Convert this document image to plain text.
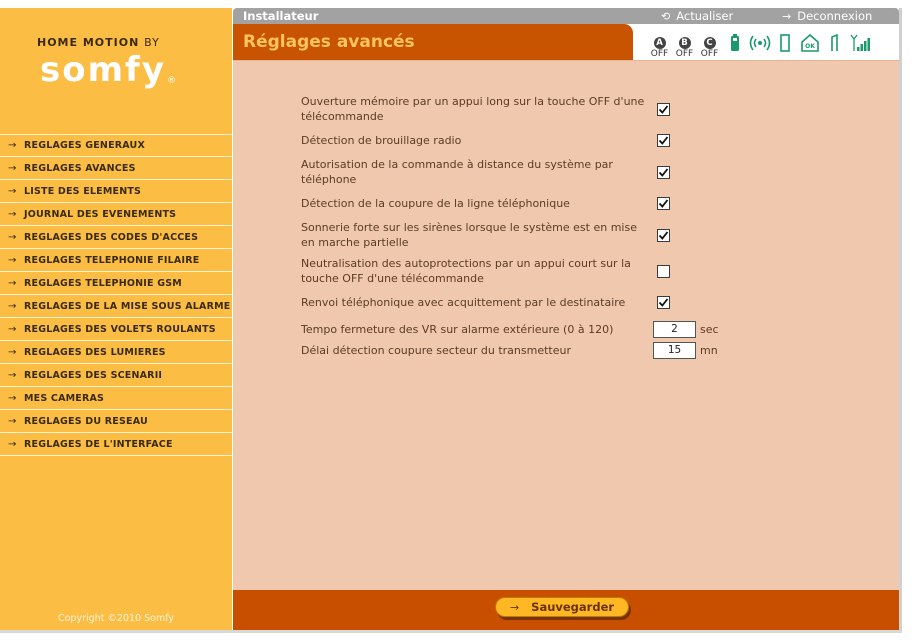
HOME MOTION BY
somfy®
→ REGLAGES GENERAUX
→ REGLAGES AVANCES
→ LISTE DES ELEMENTS
→ JOURNAL DES EVENEMENTS
→ REGLAGES DES CODES D'ACCES
→ REGLAGES TELEPHONIE FILAIRE
→ REGLAGES TELEPHONIE GSM
→ REGLAGES DE LA MISE SOUS ALARME
→ REGLAGES DES VOLETS ROULANTS
→ REGLAGES DES LUMIERES
→ REGLAGES DES SCENARII
→ MES CAMERAS
→ REGLAGES DU RESEAU
→ REGLAGES DE L'INTERFACE
Copyright ©2010 Somfy
Installateur	⟲ Actualiser	→ Deconnexion
Réglages avancés	A
OFF
B
OFF
C
OFF
OK
Ouverture mémoire par un appui long sur la touche OFF d'une télécommande
Détection de brouillage radio
Autorisation de la commande à distance du système par téléphone
Détection de la coupure de la ligne téléphonique
Sonnerie forte sur les sirènes lorsque le système est en mise en marche partielle
Neutralisation des autoprotections par un appui court sur la touche OFF d'une télécommande
Renvoi téléphonique avec acquittement par le destinataire
Tempo fermeture des VR sur alarme extérieure (0 à 120)	2	sec
Délai détection coupure secteur du transmetteur	15	mn
→ Sauvegarder
